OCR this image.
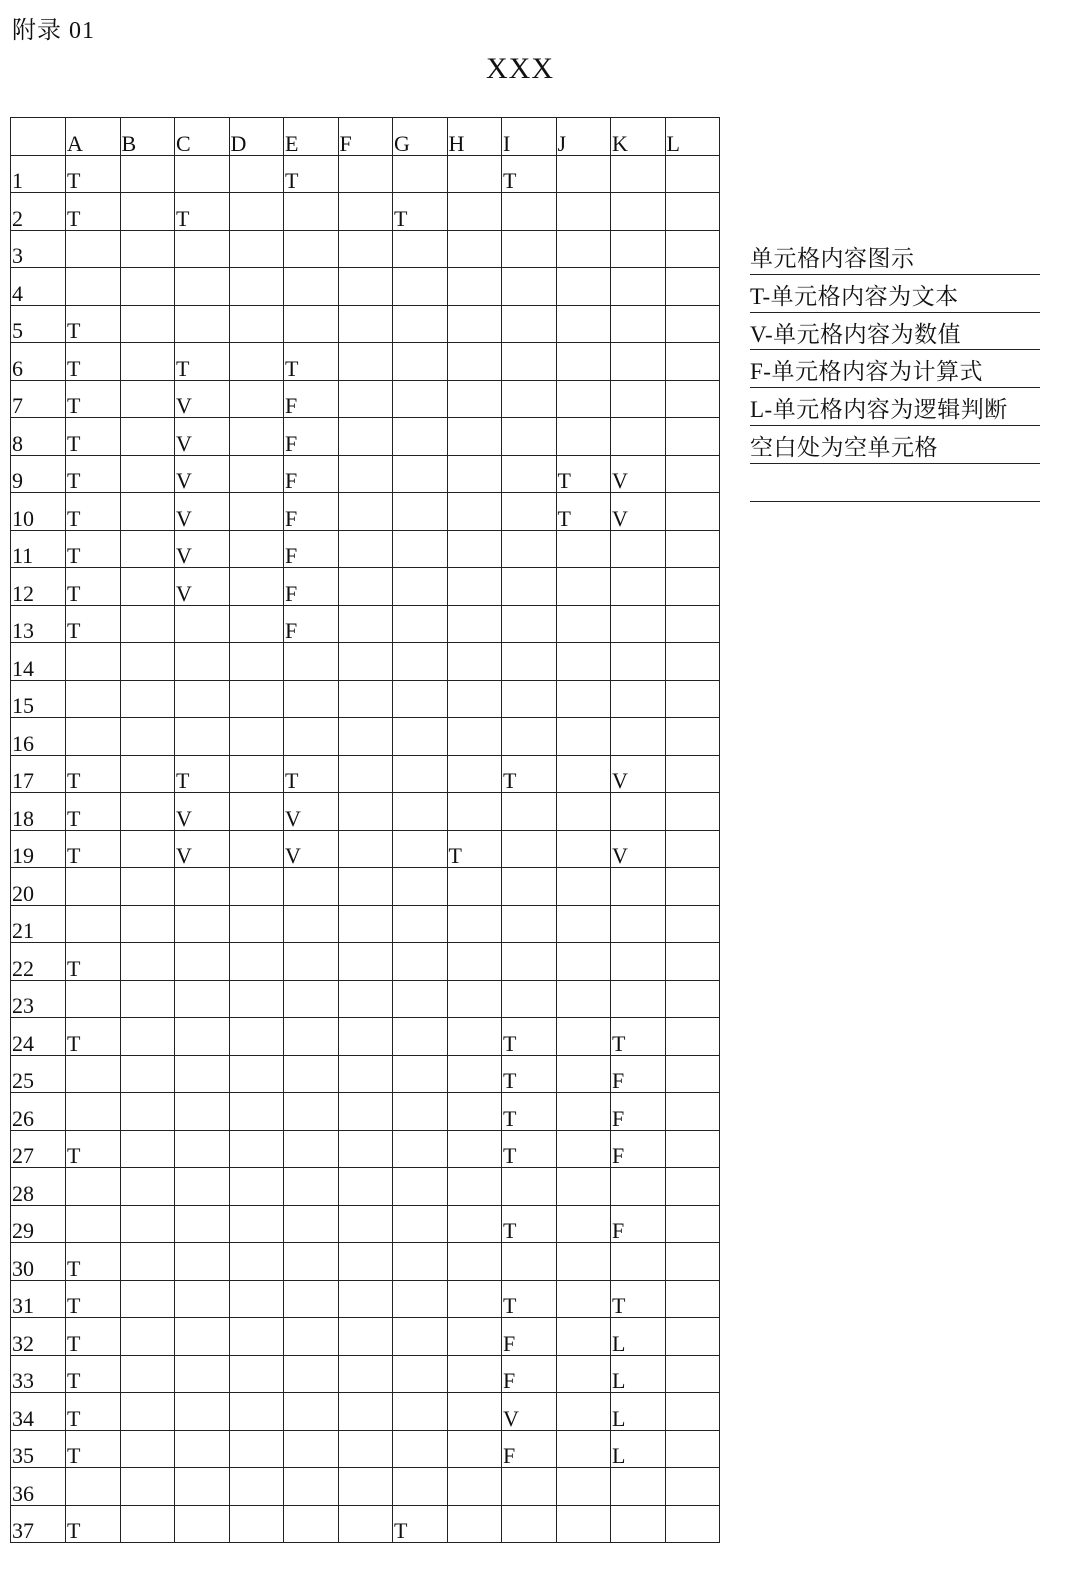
附录 01
XXX
	A	B	C	D	E	F	G	H	I	J	K	L
1	T				T				T			
2	T		T				T					
3												
4												
5	T											
6	T		T		T							
7	T		V		F							
8	T		V		F							
9	T		V		F					T	V	
10	T		V		F					T	V	
11	T		V		F							
12	T		V		F							
13	T				F							
14												
15												
16												
17	T		T		T				T		V	
18	T		V		V							
19	T		V		V			T			V	
20												
21												
22	T											
23												
24	T								T		T	
25									T		F	
26									T		F	
27	T								T		F	
28												
29									T		F	
30	T											
31	T								T		T	
32	T								F		L	
33	T								F		L	
34	T								V		L	
35	T								F		L	
36												
37	T						T					
单元格内容图示
T-单元格内容为文本
V-单元格内容为数值
F-单元格内容为计算式
L-单元格内容为逻辑判断
空白处为空单元格
